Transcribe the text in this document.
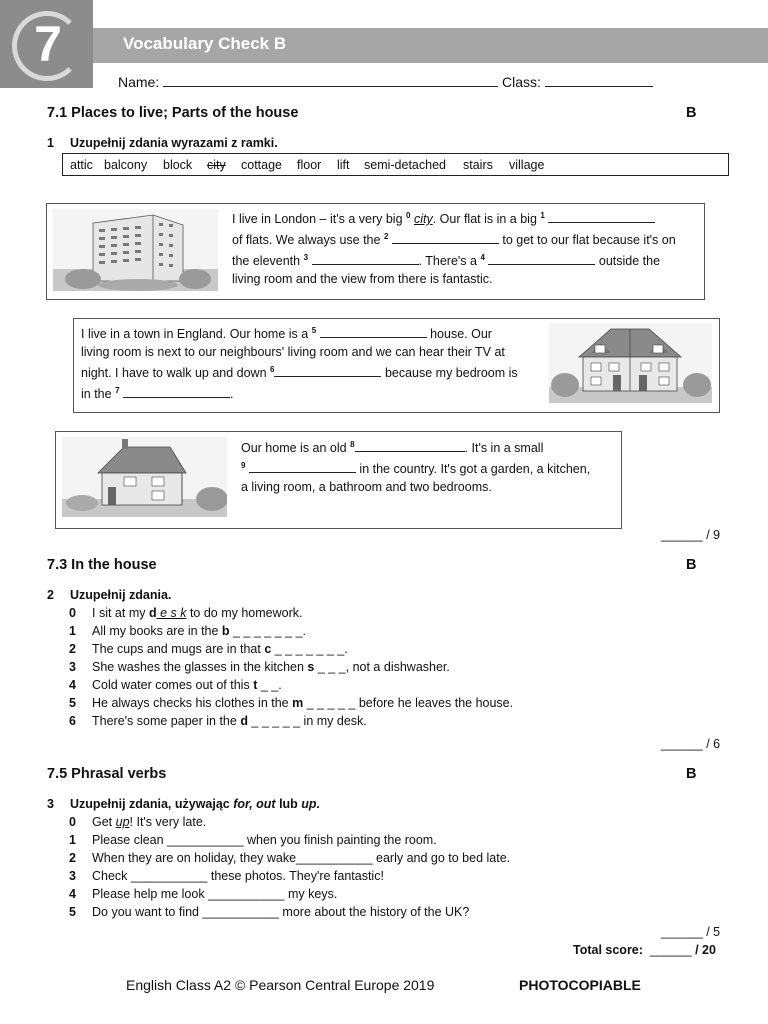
7	Vocabulary Check B
Name:	Class:
7.1 Places to live; Parts of the house	B
1 Uzupełnij zdania wyrazami z ramki.
attic balcony block city cottage floor lift semi-detached stairs village
I live in London – it's a very big $^0$ city. Our flat is in a big $^1$
of flats. We always use the $^2$	to get to our flat because it's on
the eleventh $^3$	. There's a $^4$	outside the
living room and the view from there is fantastic.
I live in a town in England. Our home is a $^5$	house. Our
living room is next to our neighbours' living room and we can hear their TV at
night. I have to walk up and down $^6$	because my bedroom is
in the $^7$	.
Our home is an old $^8$	. It's in a small
$^9$	in the country. It's got a garden, a kitchen,
a living room, a bathroom and two bedrooms.
______ / 9
7.3 In the house	B
2 Uzupełnij zdania.
0 I sit at my d e s k to do my homework.
1 All my books are in the b _ _ _ _ _ _ _.
2 The cups and mugs are in that c _ _ _ _ _ _ _.
3 She washes the glasses in the kitchen s _ _ _, not a dishwasher.
4 Cold water comes out of this t _ _.
5 He always checks his clothes in the m _ _ _ _ _ before he leaves the house.
6 There's some paper in the d _ _ _ _ _ in my desk.
______ / 6
7.5 Phrasal verbs	B
3 Uzupełnij zdania, używając for, out lub up.
0 Get up! It's very late.
1 Please clean ___________ when you finish painting the room.
2 When they are on holiday, they wake___________ early and go to bed late.
3 Check ___________ these photos. They're fantastic!
4 Please help me look ___________ my keys.
5 Do you want to find ___________ more about the history of the UK?
______ / 5
Total score: ______ / 20
English Class A2 © Pearson Central Europe 2019	PHOTOCOPIABLE
